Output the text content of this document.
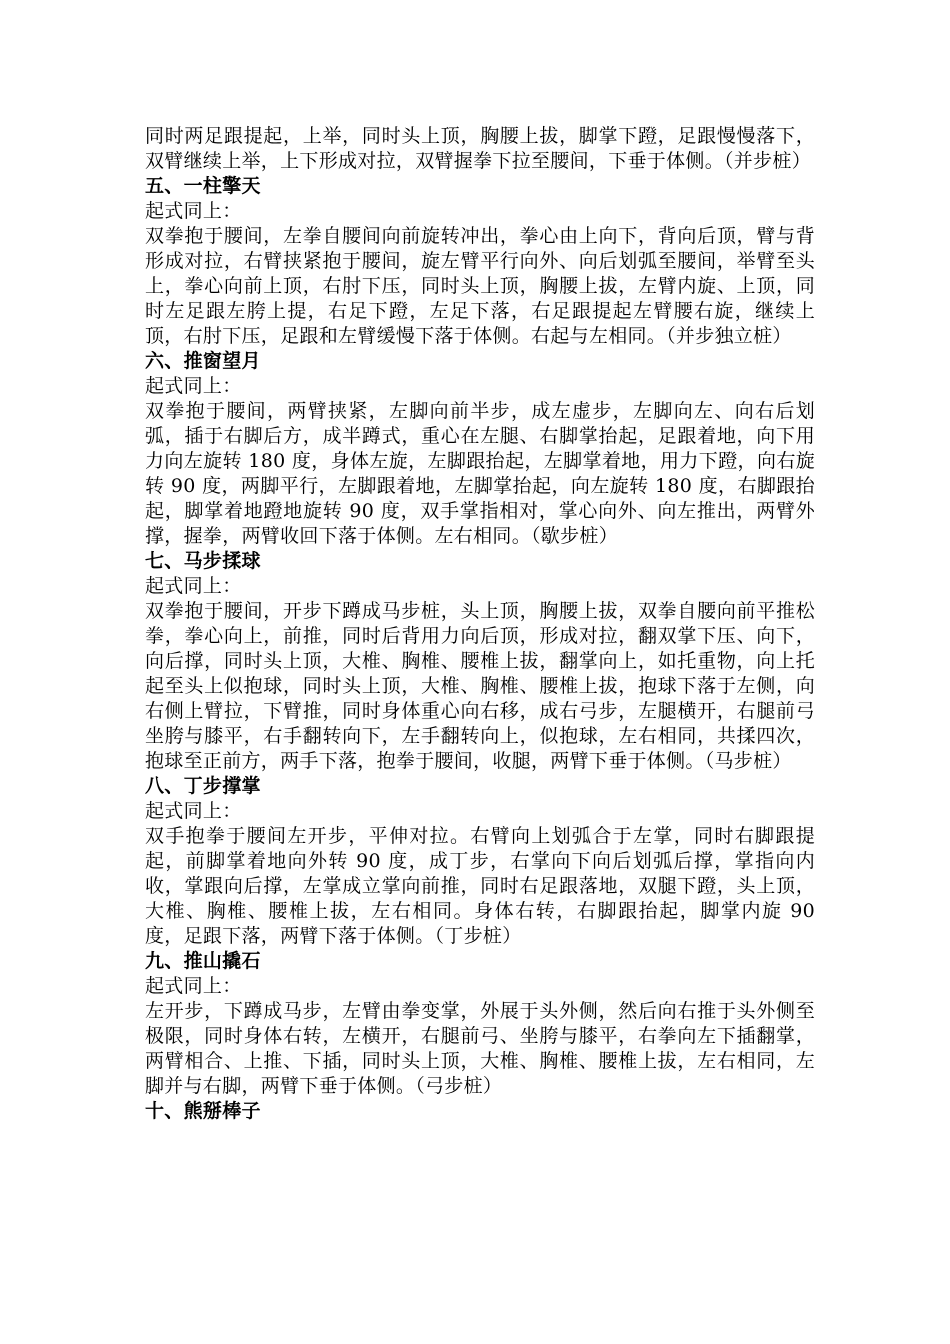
同时两足跟提起，上举，同时头上顶，胸腰上拔，脚掌下蹬，足跟慢慢落下，双臂继续上举，上下形成对拉，双臂握拳下拉至腰间，下垂于体侧。（并步桩）

五、一柱擎天

起式同上：

双拳抱于腰间，左拳自腰间向前旋转冲出，拳心由上向下，背向后顶，臂与背形成对拉，右臂挟紧抱于腰间，旋左臂平行向外、向后划弧至腰间，举臂至头上，拳心向前上顶，右肘下压，同时头上顶，胸腰上拔，左臂内旋、上顶，同时左足跟左胯上提，右足下蹬，左足下落，右足跟提起左臂腰右旋，继续上顶，右肘下压，足跟和左臂缓慢下落于体侧。右起与左相同。（并步独立桩）

六、推窗望月

起式同上：

双拳抱于腰间，两臂挟紧，左脚向前半步，成左虚步，左脚向左、向右后划弧，插于右脚后方，成半蹲式，重心在左腿、右脚掌抬起，足跟着地，向下用力向左旋转 180 度，身体左旋，左脚跟抬起，左脚掌着地，用力下蹬，向右旋转 90 度，两脚平行，左脚跟着地，左脚掌抬起，向左旋转 180 度，右脚跟抬起，脚掌着地蹬地旋转 90 度，双手掌指相对，掌心向外、向左推出，两臂外撑，握拳，两臂收回下落于体侧。左右相同。（歇步桩）

七、马步揉球

起式同上：

双拳抱于腰间，开步下蹲成马步桩，头上顶，胸腰上拔，双拳自腰向前平推松拳，拳心向上，前推，同时后背用力向后顶，形成对拉，翻双掌下压、向下，向后撑，同时头上顶，大椎、胸椎、腰椎上拔，翻掌向上，如托重物，向上托起至头上似抱球，同时头上顶，大椎、胸椎、腰椎上拔，抱球下落于左侧，向右侧上臂拉，下臂推，同时身体重心向右移，成右弓步，左腿横开，右腿前弓坐胯与膝平，右手翻转向下，左手翻转向上，似抱球，左右相同，共揉四次，抱球至正前方，两手下落，抱拳于腰间，收腿，两臂下垂于体侧。（马步桩）

八、丁步撑掌

起式同上：

双手抱拳于腰间左开步，平伸对拉。右臂向上划弧合于左掌，同时右脚跟提起，前脚掌着地向外转 90 度，成丁步，右掌向下向后划弧后撑，掌指向内收，掌跟向后撑，左掌成立掌向前推，同时右足跟落地，双腿下蹬，头上顶，大椎、胸椎、腰椎上拔，左右相同。身体右转，右脚跟抬起，脚掌内旋 90 度，足跟下落，两臂下落于体侧。（丁步桩）

九、推山撬石

起式同上：

左开步，下蹲成马步，左臂由拳变掌，外展于头外侧，然后向右推于头外侧至极限，同时身体右转，左横开，右腿前弓、坐胯与膝平，右拳向左下插翻掌，两臂相合、上推、下插，同时头上顶，大椎、胸椎、腰椎上拔，左右相同，左脚并与右脚，两臂下垂于体侧。（弓步桩）

十、熊掰棒子
